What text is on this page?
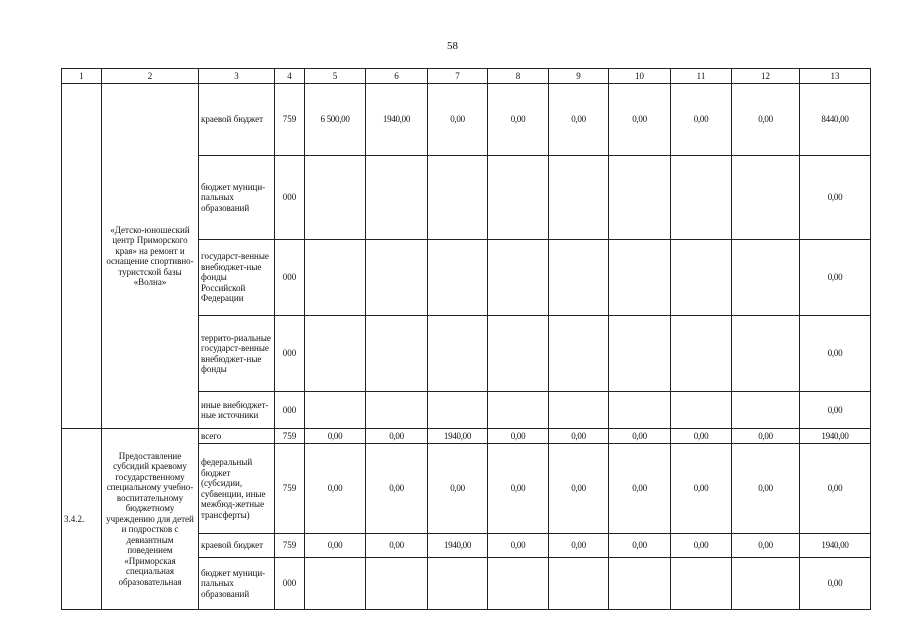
58
1	2	3	4	5	6	7	8	9	10	11	12	13
	«Детско-юношеский центр Приморского края» на ремонт и оснащение спортивно-туристской базы «Волна»	краевой бюджет	759	6 500,00	1940,00	0,00	0,00	0,00	0,00	0,00	0,00	8440,00
		бюджет муници-пальных образований	000									0,00
		государст-венные внебюджет-ные фонды Российской Федерации	000									0,00
		террито-риальные государст-венные внебюджет-ные фонды	000									0,00
		иные внебюджет-ные источники	000									0,00
3.4.2.	Предоставление субсидий краевому государственному специальному учебно-воспитательному бюджетному учреждению для детей и подростков с девиантным поведением «Приморская специальная образовательная	всего	759	0,00	0,00	1940,00	0,00	0,00	0,00	0,00	0,00	1940,00
		федеральный бюджет (субсидии, субвенции, иные межбюд-жетные трансферты)	759	0,00	0,00	0,00	0,00	0,00	0,00	0,00	0,00	0,00
		краевой бюджет	759	0,00	0,00	1940,00	0,00	0,00	0,00	0,00	0,00	1940,00
		бюджет муници-пальных образований	000									0,00
